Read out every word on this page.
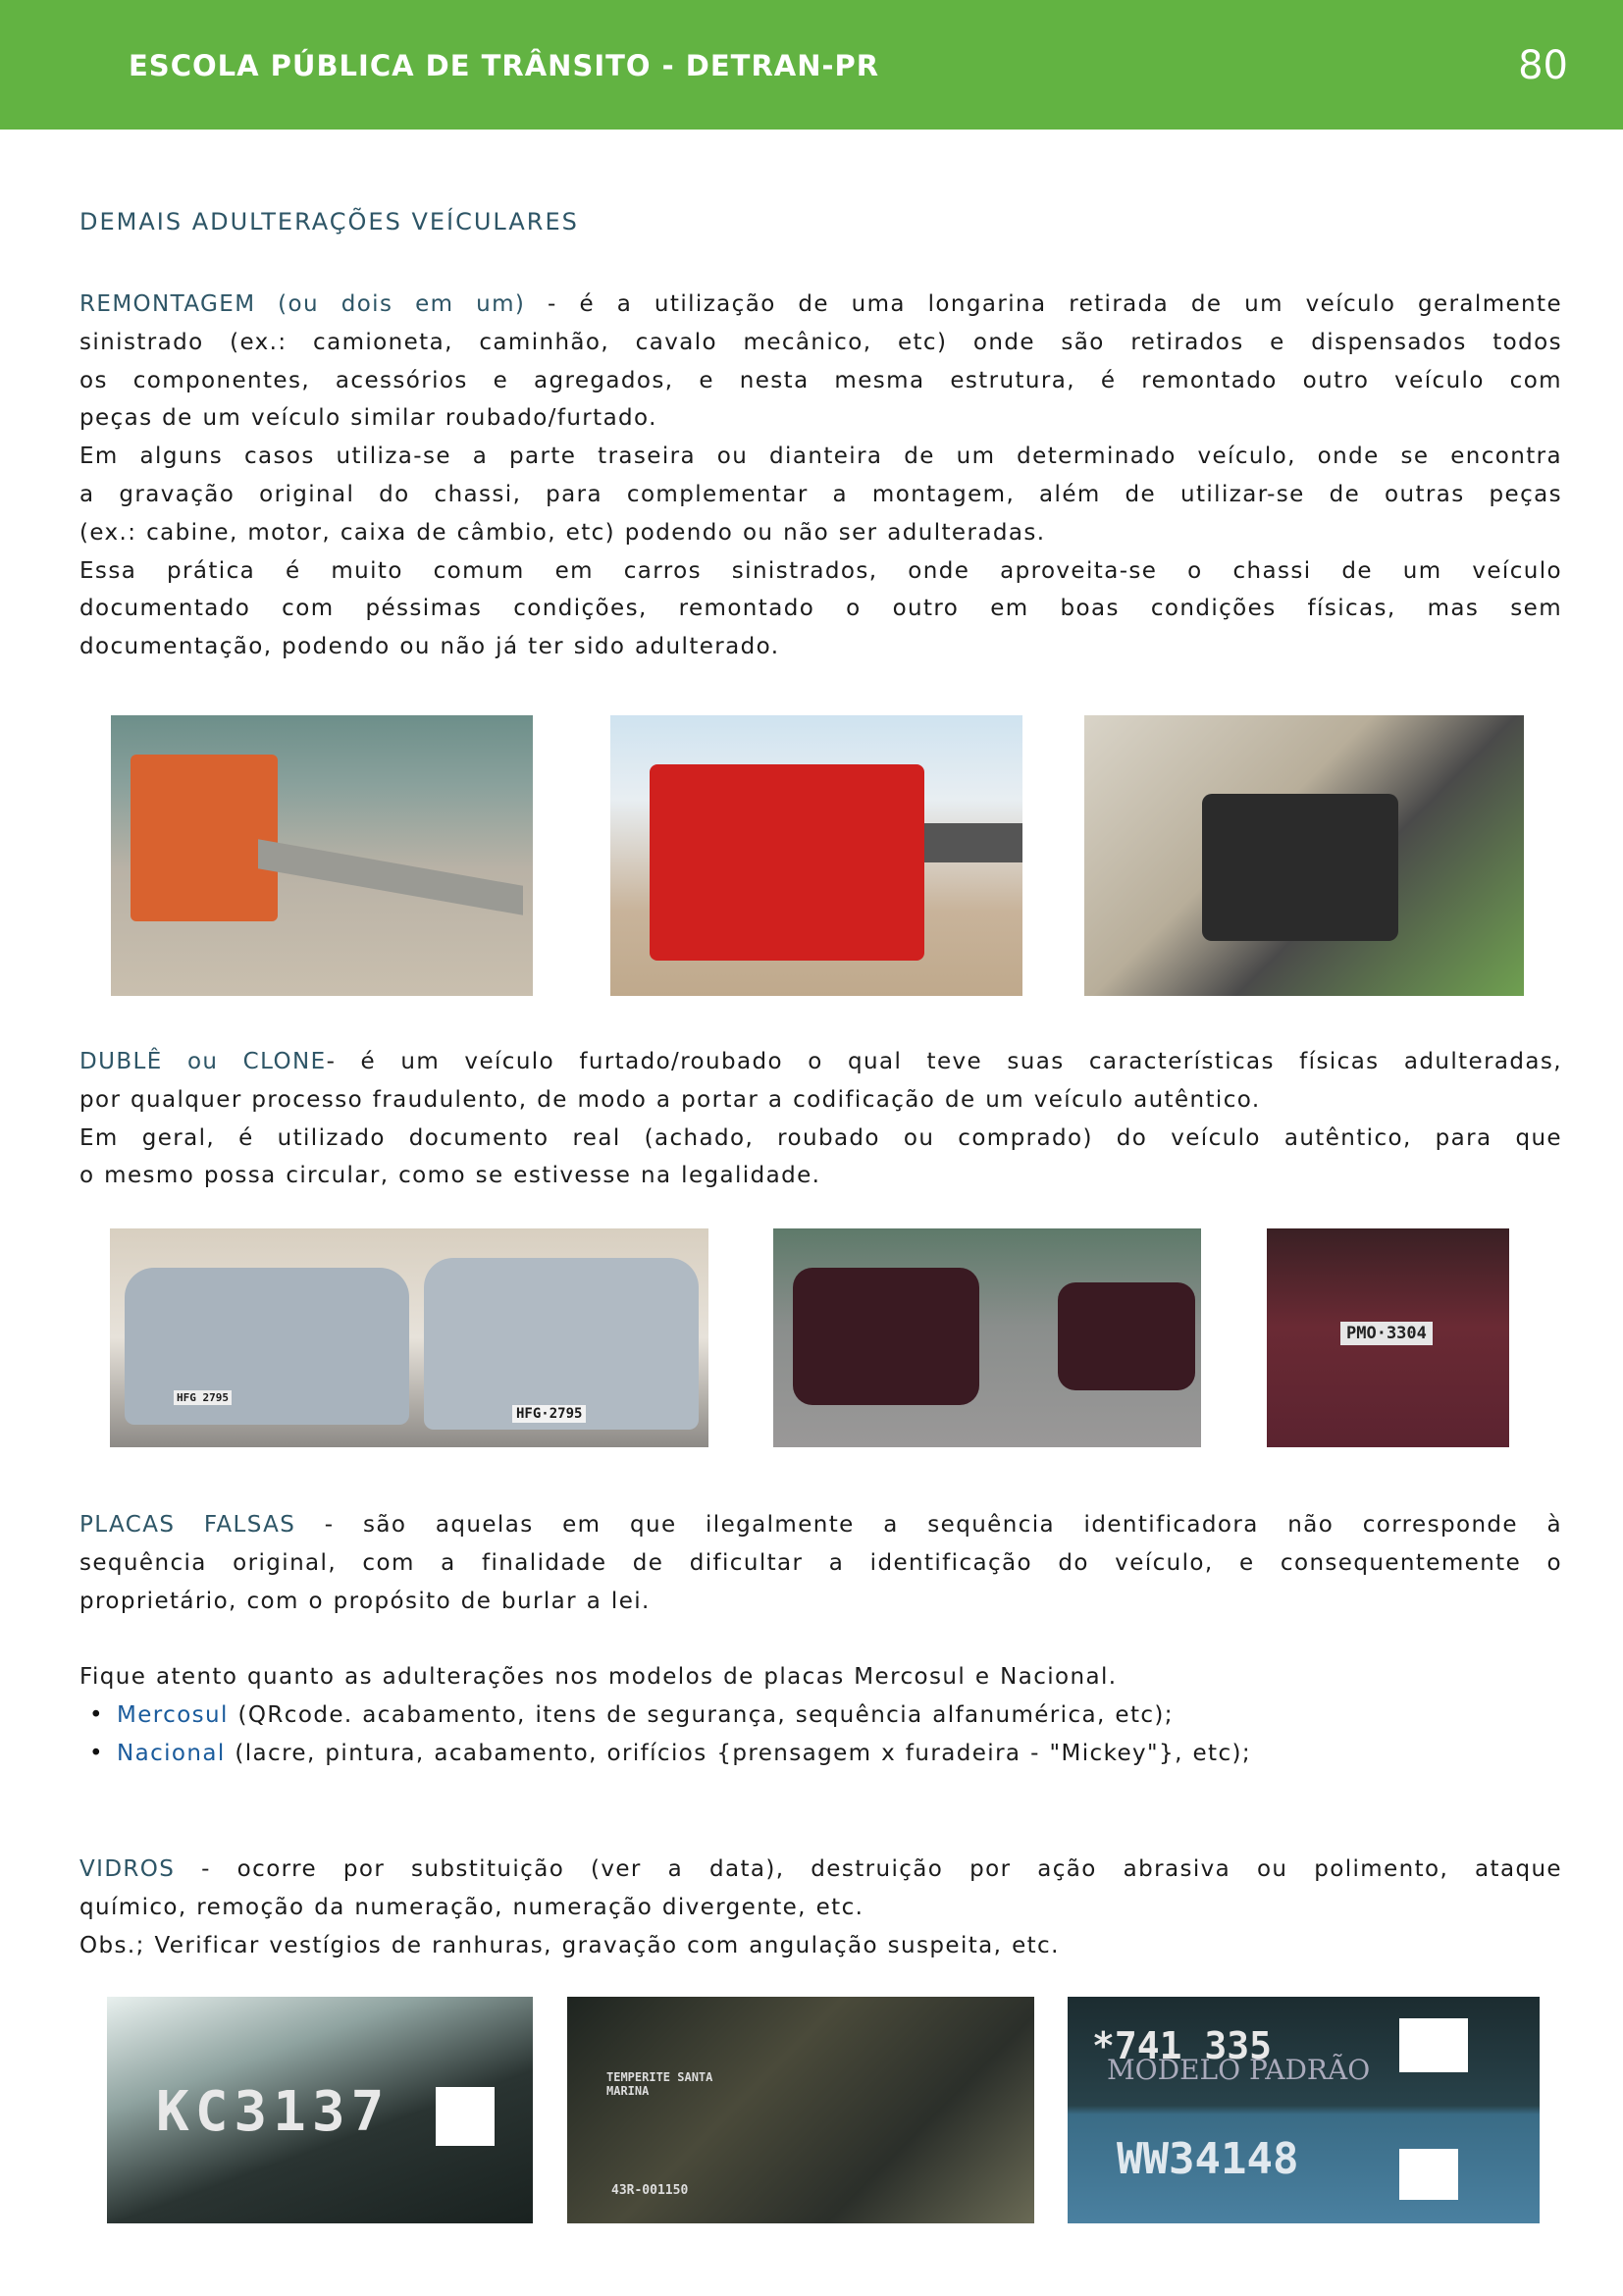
ESCOLA PÚBLICA DE TRÂNSITO - DETRAN-PR	80
DEMAIS ADULTERAÇÕES VEÍCULARES
REMONTAGEM (ou dois em um) - é a utilização de uma longarina retirada de um veículo geralmente
sinistrado (ex.: camioneta, caminhão, cavalo mecânico, etc) onde são retirados e dispensados todos
os componentes, acessórios e agregados, e nesta mesma estrutura, é remontado outro veículo com
peças de um veículo similar roubado/furtado.
Em alguns casos utiliza-se a parte traseira ou dianteira de um determinado veículo, onde se encontra
a gravação original do chassi, para complementar a montagem, além de utilizar-se de outras peças
(ex.: cabine, motor, caixa de câmbio, etc) podendo ou não ser adulteradas.
Essa prática é muito comum em carros sinistrados, onde aproveita-se o chassi de um veículo
documentado com péssimas condições, remontado o outro em boas condições físicas, mas sem
documentação, podendo ou não já ter sido adulterado.
DUBLÊ ou CLONE- é um veículo furtado/roubado o qual teve suas características físicas adulteradas,
por qualquer processo fraudulento, de modo a portar a codificação de um veículo autêntico.
Em geral, é utilizado documento real (achado, roubado ou comprado) do veículo autêntico, para que
o mesmo possa circular, como se estivesse na legalidade.
HFG 2795
HFG·2795
PMO·3304
PLACAS FALSAS - são aquelas em que ilegalmente a sequência identificadora não corresponde à
sequência original, com a finalidade de dificultar a identificação do veículo, e consequentemente o
proprietário, com o propósito de burlar a lei.
Fique atento quanto as adulterações nos modelos de placas Mercosul e Nacional.
• Mercosul (QRcode. acabamento, itens de segurança, sequência alfanumérica, etc);
• Nacional (lacre, pintura, acabamento, orifícios {prensagem x furadeira - "Mickey"}, etc);
VIDROS - ocorre por substituição (ver a data), destruição por ação abrasiva ou polimento, ataque
químico, remoção da numeração, numeração divergente, etc.
Obs.; Verificar vestígios de ranhuras, gravação com angulação suspeita, etc.
KC3137
TEMPERITE SANTA MARINA
43R-001150
*741 335
MODELO PADRÃO
WW34148
